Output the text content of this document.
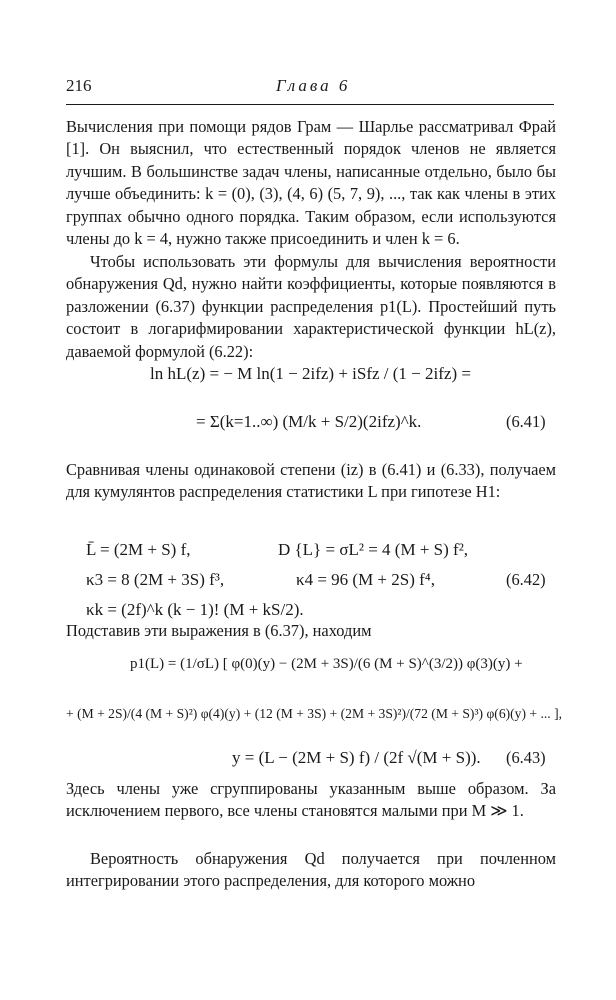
216	Глава 6
Вычисления при помощи рядов Грам — Шарлье рассматривал Фрай [1]. Он выяснил, что естественный порядок членов не является лучшим. В большинстве задач члены, написанные отдельно, было бы лучше объединить: k = (0), (3), (4, 6) (5, 7, 9), ..., так как члены в этих группах обычно одного порядка. Таким образом, если используются члены до k = 4, нужно также присоединить и член k = 6.
Чтобы использовать эти формулы для вычисления вероятности обнаружения Qd, нужно найти коэффициенты, которые появляются в разложении (6.37) функции распределения p1(L). Простейший путь состоит в логарифмировании характеристической функции hL(z), даваемой формулой (6.22):
ln hL(z) = − M ln(1 − 2ifz) + iSfz / (1 − 2ifz) =
= Σ(k=1..∞) (M/k + S/2)(2ifz)^k.	(6.41)
Сравнивая члены одинаковой степени (iz) в (6.41) и (6.33), получаем для кумулянтов распределения статистики L при гипотезе H1:
L̄ = (2M + S) f,	D {L} = σL² = 4 (M + S) f²,
κ3 = 8 (2M + 3S) f³,	κ4 = 96 (M + 2S) f⁴,	(6.42)
κk = (2f)^k (k − 1)! (M + kS/2).
Подставив эти выражения в (6.37), находим
p1(L) = (1/σL) [ φ(0)(y) − (2M + 3S)/(6 (M + S)^(3/2)) φ(3)(y) +
+ (M + 2S)/(4 (M + S)²) φ(4)(y) + (12 (M + 3S) + (2M + 3S)²)/(72 (M + S)³) φ(6)(y) + ... ],
y = (L − (2M + S) f) / (2f √(M + S)). (6.43)
Здесь члены уже сгруппированы указанным выше образом. За исключением первого, все члены становятся малыми при M ≫ 1.
Вероятность обнаружения Qd получается при почленном интегрировании этого распределения, для которого можно
